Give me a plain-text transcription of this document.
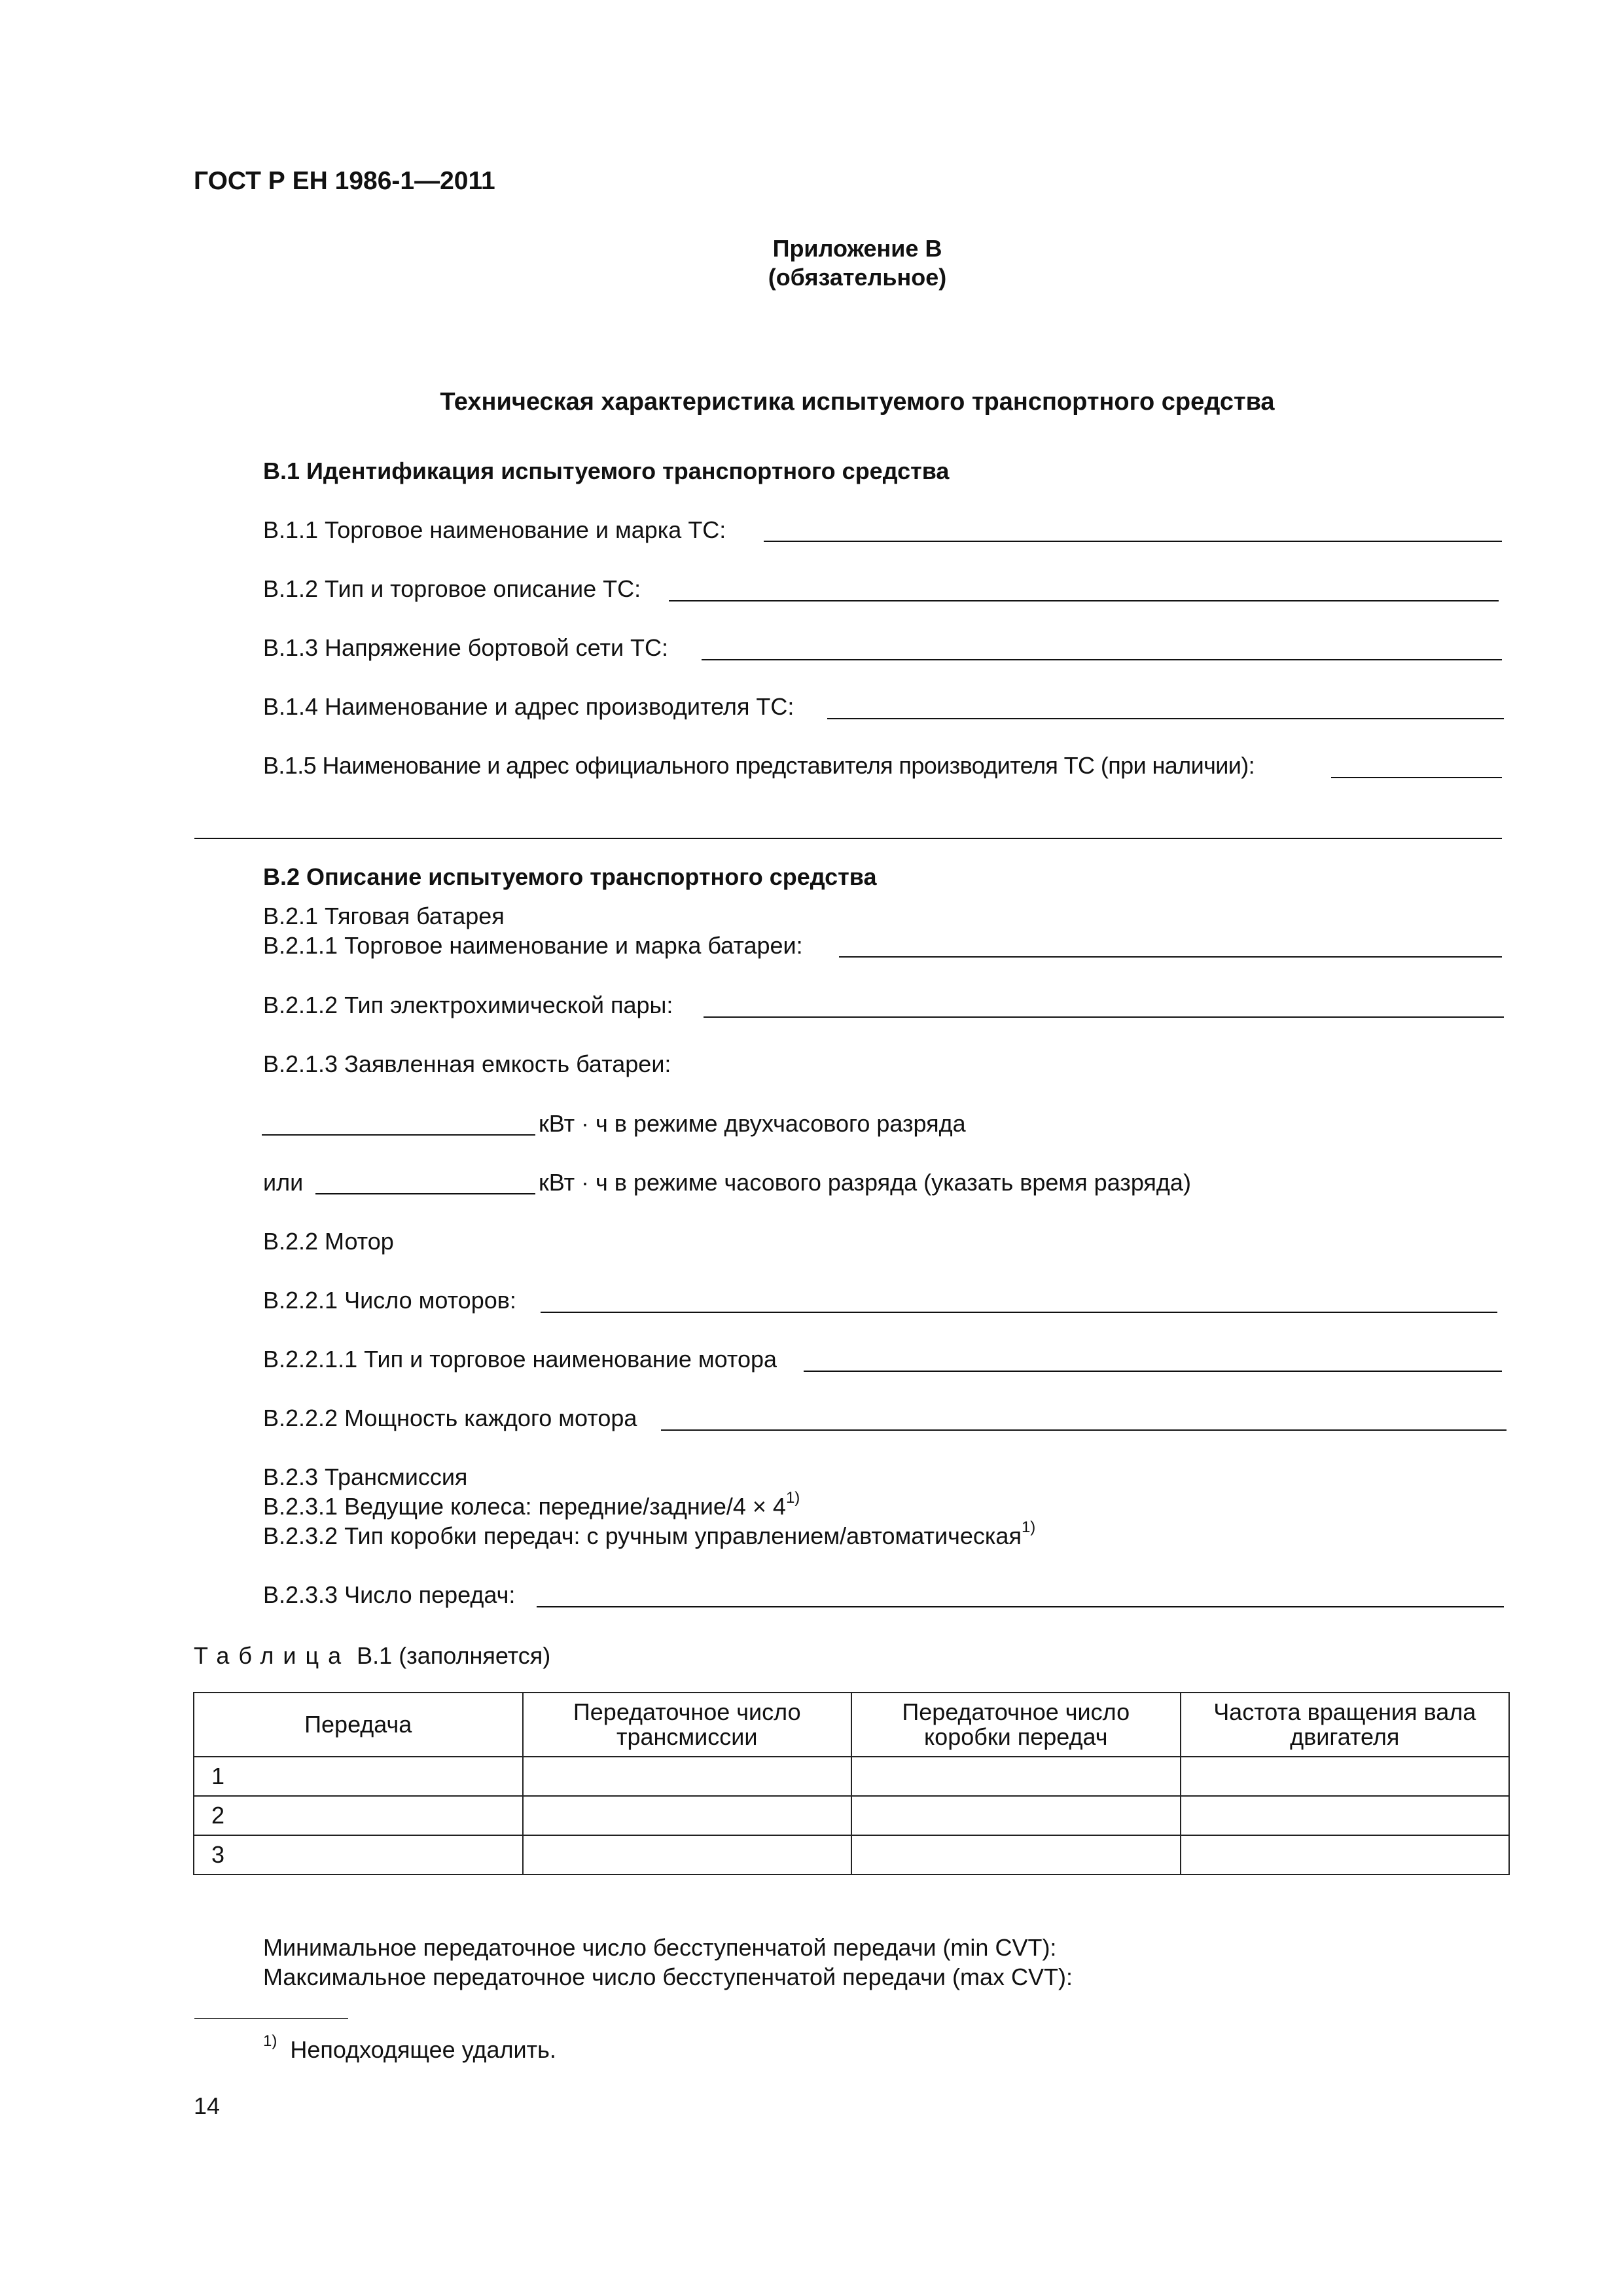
ГОСТ Р ЕН 1986-1—2011
Приложение В
(обязательное)
Техническая характеристика испытуемого транспортного средства
В.1 Идентификация испытуемого транспортного средства
В.1.1 Торговое наименование и марка ТС:
В.1.2 Тип и торговое описание ТС:
В.1.3 Напряжение бортовой сети ТС:
В.1.4 Наименование и адрес производителя ТС:
В.1.5 Наименование и адрес официального представителя производителя ТС (при наличии):
В.2 Описание испытуемого транспортного средства
В.2.1 Тяговая батарея
В.2.1.1 Торговое наименование и марка батареи:
В.2.1.2 Тип электрохимической пары:
В.2.1.3 Заявленная емкость батареи:
кВт · ч в режиме двухчасового разряда
или	кВт · ч в режиме часового разряда (указать время разряда)
В.2.2 Мотор
В.2.2.1 Число моторов:
В.2.2.1.1 Тип и торговое наименование мотора
В.2.2.2 Мощность каждого мотора
В.2.3 Трансмиссия
В.2.3.1 Ведущие колеса: передние/задние/4 × $4^{1)}$
В.2.3.2 Тип коробки передач: с ручным управлением/автоматическая$^{1)}$
В.2.3.3 Число передач:
Таблица В.1 (заполняется)
Передача	Передаточное число трансмиссии	Передаточное число коробки передач	Частота вращения вала двигателя
1			
2			
3			
Минимальное передаточное число бесступенчатой передачи (min CVT):
Максимальное передаточное число бесступенчатой передачи (max CVT):
$^{1)}$ Неподходящее удалить.
14
